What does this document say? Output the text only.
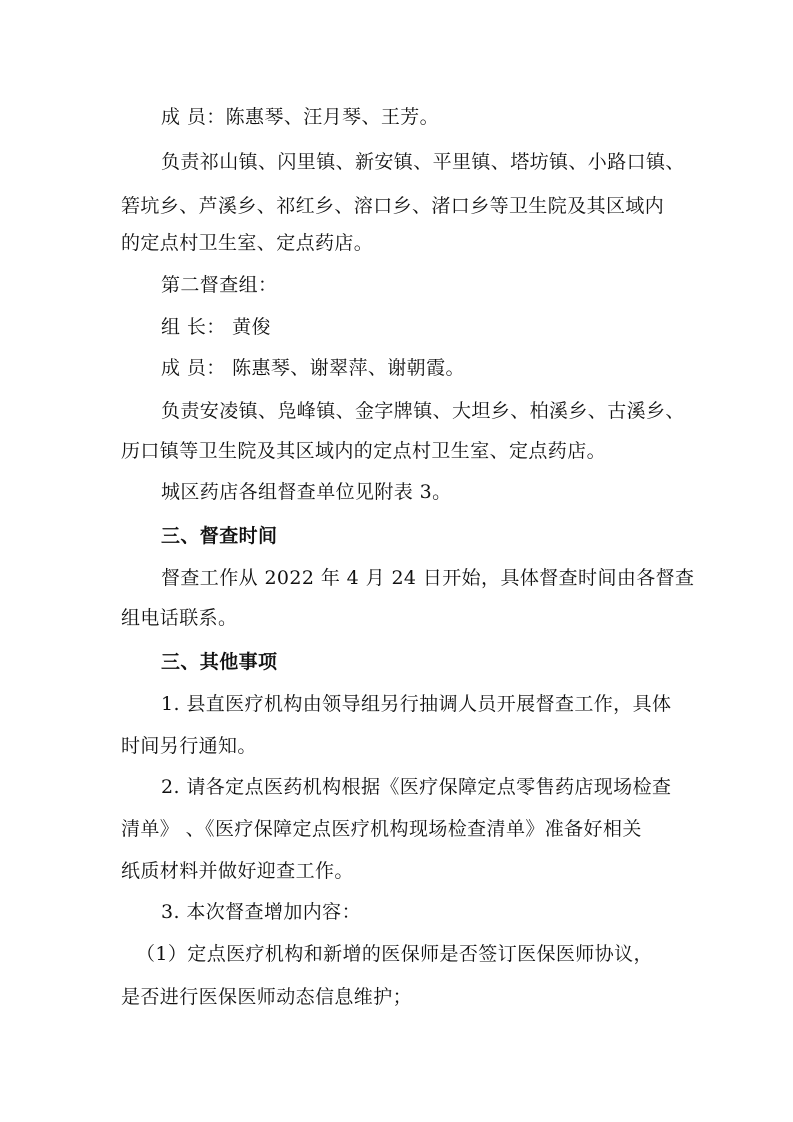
成 员：陈惠琴、汪月琴、王芳。
负责祁山镇、闪里镇、新安镇、平里镇、塔坊镇、小路口镇、
箬坑乡、芦溪乡、祁红乡、溶口乡、渚口乡等卫生院及其区域内
的定点村卫生室、定点药店。
第二督查组：
组 长： 黄俊
成 员： 陈惠琴、谢翠萍、谢朝霞。
负责安凌镇、凫峰镇、金字牌镇、大坦乡、柏溪乡、古溪乡、
历口镇等卫生院及其区域内的定点村卫生室、定点药店。
城区药店各组督查单位见附表 3。
三、督查时间
督查工作从 2022 年 4 月 24 日开始，具体督查时间由各督查
组电话联系。
三、其他事项
1. 县直医疗机构由领导组另行抽调人员开展督查工作，具体
时间另行通知。
2. 请各定点医药机构根据《医疗保障定点零售药店现场检查
清单》 、《医疗保障定点医疗机构现场检查清单》准备好相关
纸质材料并做好迎查工作。
3. 本次督查增加内容：
（1）定点医疗机构和新增的医保师是否签订医保医师协议，
是否进行医保医师动态信息维护；
